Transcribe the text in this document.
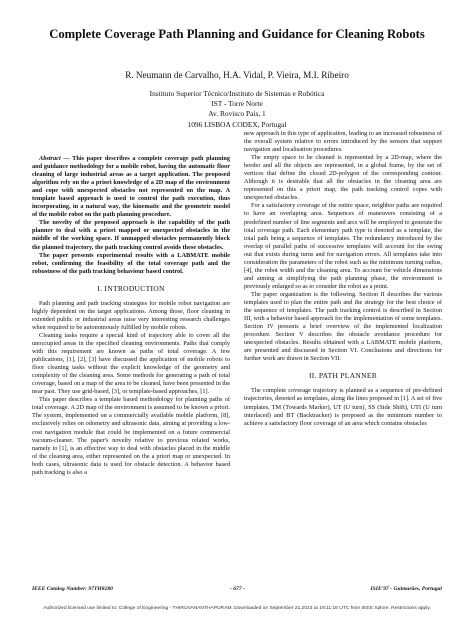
Complete Coverage Path Planning and Guidance for Cleaning Robots
R. Neumann de Carvalho, H.A. Vidal, P. Vieira, M.I. Ribeiro
Instituto Superior Técnico/Instituto de Sistemas e Robótica
IST - Torre Norte
Av. Rovisco Pais, 1
1096 LISBOA CODEX, Portugal

Abstract — This paper describes a complete coverage path planning and guidance methodology for a mobile robot, having the automatic floor cleaning of large industrial areas as a target application. The proposed algorithm rely on the a priori knowledge of a 2D map of the environment and cope with unexpected obstacles not represented on the map. A template based approach is used to control the path execution, thus incorporating, in a natural way, the kinematic and the geometric model of the mobile robot on the path planning procedure.

The novelty of the proposed approach is the capability of the path planner to deal with a priori mapped or unexpected obstacles in the middle of the working space. If unmapped obstacles permanently block the planned trajectory, the path tracking control avoids these obstacles.

The paper presents experimental results with a LABMATE mobile robot, confirming the feasibility of the total coverage path and the robustness of the path tracking behaviour based control.

I. INTRODUCTION

Path planning and path tracking strategies for mobile robot navigation are highly dependent on the target applications. Among those, floor cleaning in extended public or industrial areas raise very interesting research challenges when required to be autonomously fulfilled by mobile robots.

Cleaning tasks require a special kind of trajectory able to cover all the unoccupied areas in the specified cleaning environments. Paths that comply with this requirement are known as paths of total coverage. A few publications, [1], [2], [3] have discussed the application of mobile robots to floor cleaning tasks without the explicit knowledge of the geometry and complexity of the cleaning area. Some methods for generating a path of total coverage, based on a map of the area to be cleaned, have been presented in the near past. They use grid-based, [3], or template-based approaches, [1].

This paper describes a template based methodology for planning paths of total coverage. A 2D map of the environment is assumed to be known a priori. The system, implemented on a commercially available mobile platform, [8], exclusively relies on odometry and ultrasonic data, aiming at providing a low-cost navigation module that could be implemented on a future commercial vacuum-cleaner. The paper's novelty relative to previous related works, namely to [1], is an effective way to deal with obstacles placed in the middle of the cleaning area, either represented on the a priori map or unexpected. In both cases, ultrasonic data is used for obstacle detection. A behavior based path tracking is also a

new approach in this type of application, leading to an increased robustness of the overall system relative to errors introduced by the sensors that support navigation and localisation procedures.

The empty space to be cleaned is represented by a 2D-map, where the border and all the objects are represented, in a global frame, by the set of vertices that define the closed 2D-polygon of the corresponding contour. Although it is desirable that all the obstacles in the cleaning area are represented on this a priori map, the path tracking control copes with unexpected obstacles.

For a satisfactory coverage of the entire space, neighbor paths are required to have an overlaping area. Sequences of maneuvers consisting of a predefined number of line segments and arcs will be employed to generate the total coverage path. Each elementary path type is denoted as a template, the total path being a sequence of templates. The redundancy introduced by the overlap of parallel paths of successive templates will account for the swing out that exists during turns and for navigation errors. All templates take into consideration the parameters of the robot such as the minimum turning radius, [4], the robot width and the cleaning area. To account for vehicle dimensions and aiming at simplifying the path planning phase, the environment is previously enlarged so as to consider the robot as a point.

The paper organization is the following. Section II describes the various templates used to plan the entire path and the strategy for the best choice of the sequence of templates. The path tracking control is described in Section III, with a behavior based approach for the implementation of some templates. Section IV presents a brief overview of the implemented localization procedure. Section V describes the obstacle avoidance procedure for unexpected obstacles. Results obtained with a LABMATE mobile platform, are presented and discussed in Section VI. Conclusions and directions for further work are drawn in Section VII.

II. PATH PLANNER

The complete coverage trajectory is planned as a sequence of pre-defined trajectories, denoted as templates, along the lines proposed in [1]. A set of five templates, TM (Towards Marker), UT (U turn), SS (Side Shift), UTI (U turn interlaced) and BT (Backtracker) is proposed as the minimum number to achieve a satisfactory floor coverage of an area which contains obstacles

IEEE Catalog Number: 97TH8280	- 677 -	ISIE'97 - Guimarães, Portugal
Authorized licensed use limited to: College of Engineering - THIRUVANANTHAPURAM. Downloaded on September 21,2023 at 19:11:16 UTC from IEEE Xplore. Restrictions apply.
